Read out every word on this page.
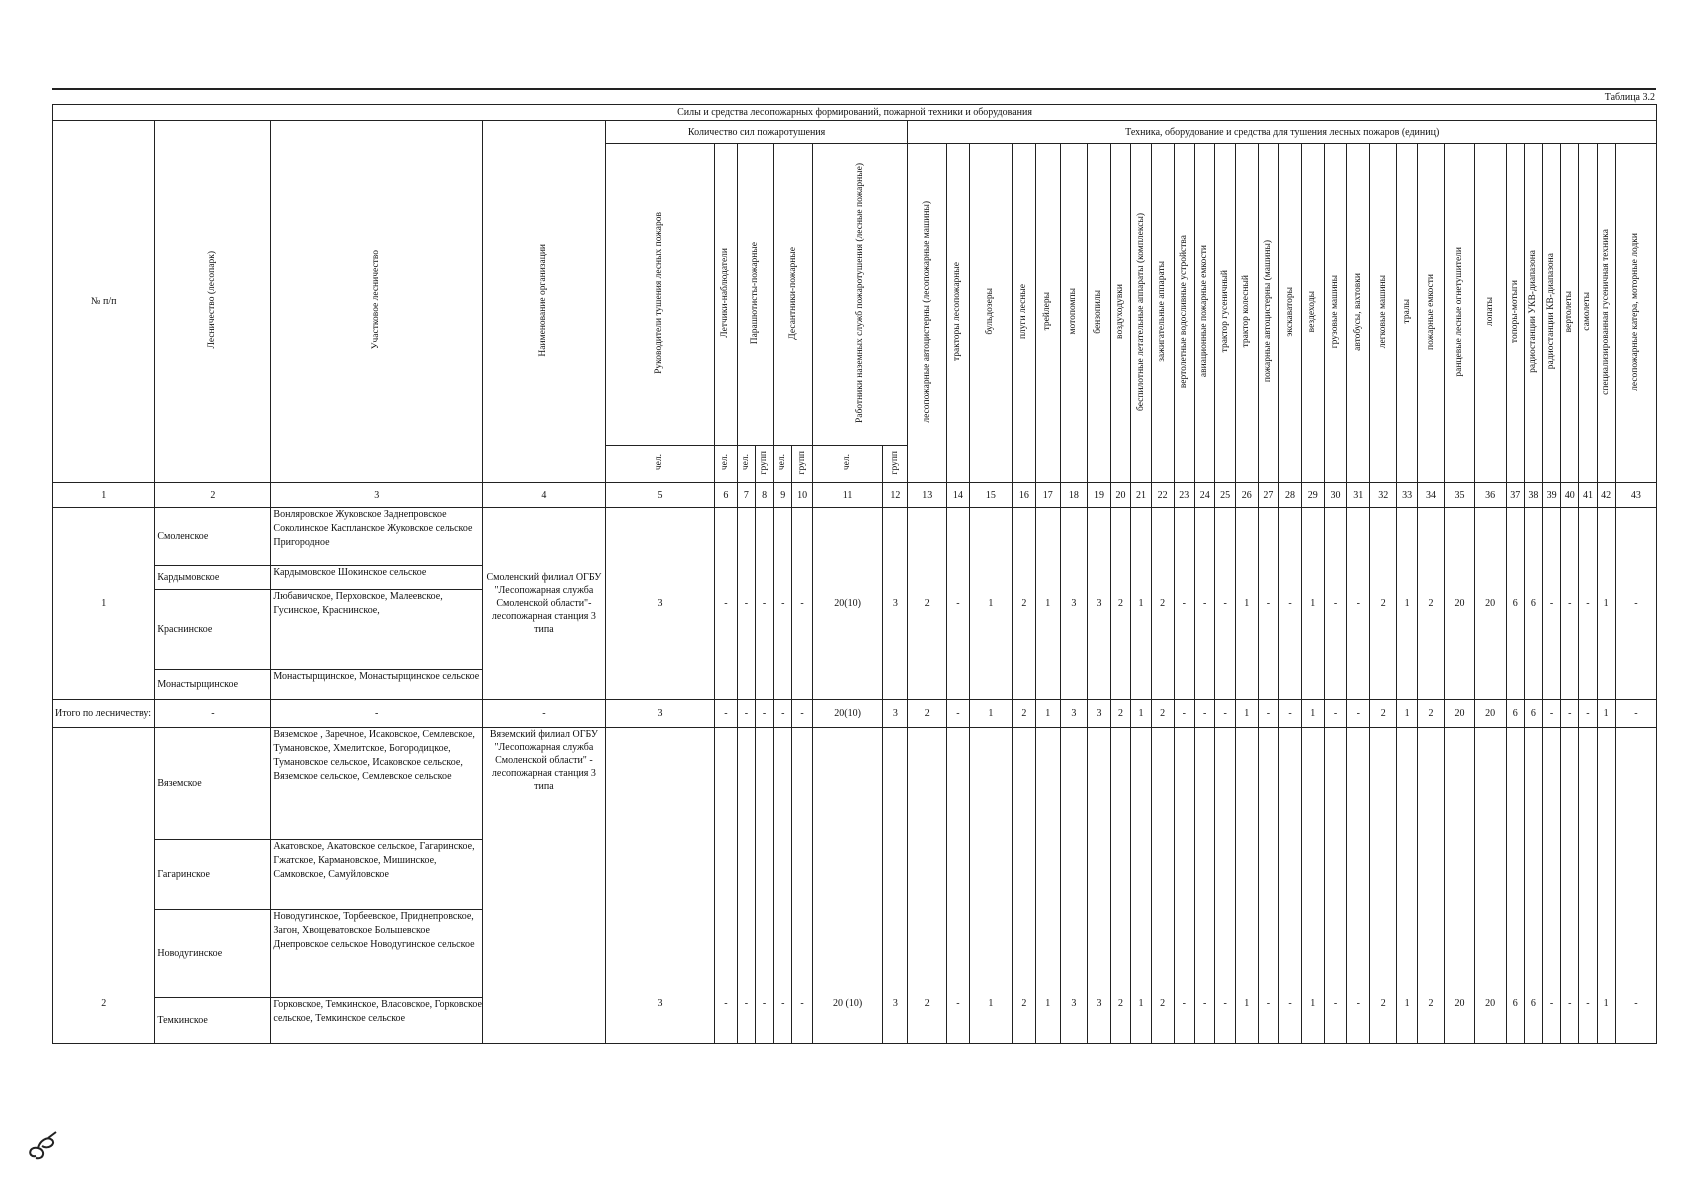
Таблица 3.2
Силы и средства лесопожарных формирований, пожарной техники и оборудования																																										
№ п/п	Лесничество (лесопарк)	Участковое лесничество	Наименование организации	Количество сил пожаротушения								Техника, оборудование и средства для тушения лесных пожаров (единиц)																														
				Руководители тушения лесных пожаров	Летчики-наблюдатели	Парашютисты-пожарные		Десантники-пожарные		Работники наземных служб пожаротушения (лесные пожарные)		лесопожарные автоцистерны (лесопожарные машины)	тракторы лесопожарные	бульдозеры	плуги лесные	трейлеры	мотопомпы	бензопилы	воздуходувки	беспилотные летательные аппараты (комплексы)	зажигательные аппараты	вертолетные водосливные устройства	авиационные пожарные емкости	трактор гусеничный	трактор колесный	пожарные автоцистерны (машины)	экскаваторы	вездеходы	грузовые машины	автобусы, вахтовки	легковые машины	тралы	пожарные емкости	ранцевые лесные огнетушители	лопаты	топоры-мотыги	радиостанции УКВ-диапазона	радиостанции КВ-диапазона	вертолеты	самолеты	специализированная гусеничная техника	лесопожарные катера, моторные лодки
				чел.	чел.	чел.	групп	чел.	групп	чел.	групп																															
1	2	3	4	5	6	7	8	9	10	11	12	13	14	15	16	17	18	19	20	21	22	23	24	25	26	27	28	29	30	31	32	33	34	35	36	37	38	39	40	41	42	43
1	Смоленское	Вонляровское Жуковское Заднепровское Соколинское Каспланское Жуковское сельское Пригородное	Смоленский филиал ОГБУ "Лесопожарная служба Смоленской области"- лесопожарная станция 3 типа	3	-	-	-	-	-	20(10)	3	2	-	1	2	1	3	3	2	1	2	-	-	-	1	-	-	1	-	-	2	1	2	20	20	6	6	-	-	-	1	-
	Кардымовское	Кардымовское Шокинское сельское																																								
	Краснинское	Любавичское, Перховское, Малеевское, Гусинское, Краснинское,																																								
	Монастырщинское	Монастырщинское, Монастырщинское сельское																																								
Итого по лесничеству:	-	-	-	3	-	-	-	-	-	20(10)	3	2	-	1	2	1	3	3	2	1	2	-	-	-	1	-	-	1	-	-	2	1	2	20	20	6	6	-	-	-	1	-
2	Вяземское	Вяземское , Заречное, Исаковское, Семлевское, Тумановское, Хмелитское, Богородицкое, Тумановское сельское, Исаковское сельское, Вяземское сельское, Семлевское сельское	Вяземский филиал ОГБУ "Лесопожарная служба Смоленской области" - лесопожарная станция 3 типа	3	-	-	-	-	-	20 (10)	3	2	-	1	2	1	3	3	2	1	2	-	-	-	1	-	-	1	-	-	2	1	2	20	20	6	6	-	-	-	1	-
	Гагаринское	Акатовское, Акатовское сельское, Гагаринское, Гжатское, Кармановское, Мишинское, Самковское, Самуйловское																																								
	Новодугинское	Новодугинское, Торбеевское, Приднепровское, Загон, Хвощеватовское Большевское Днепровское сельское Новодугинское сельское																																								
	Темкинское	Горковское, Темкинское, Власовское, Горковское сельское, Темкинское сельское																																								
